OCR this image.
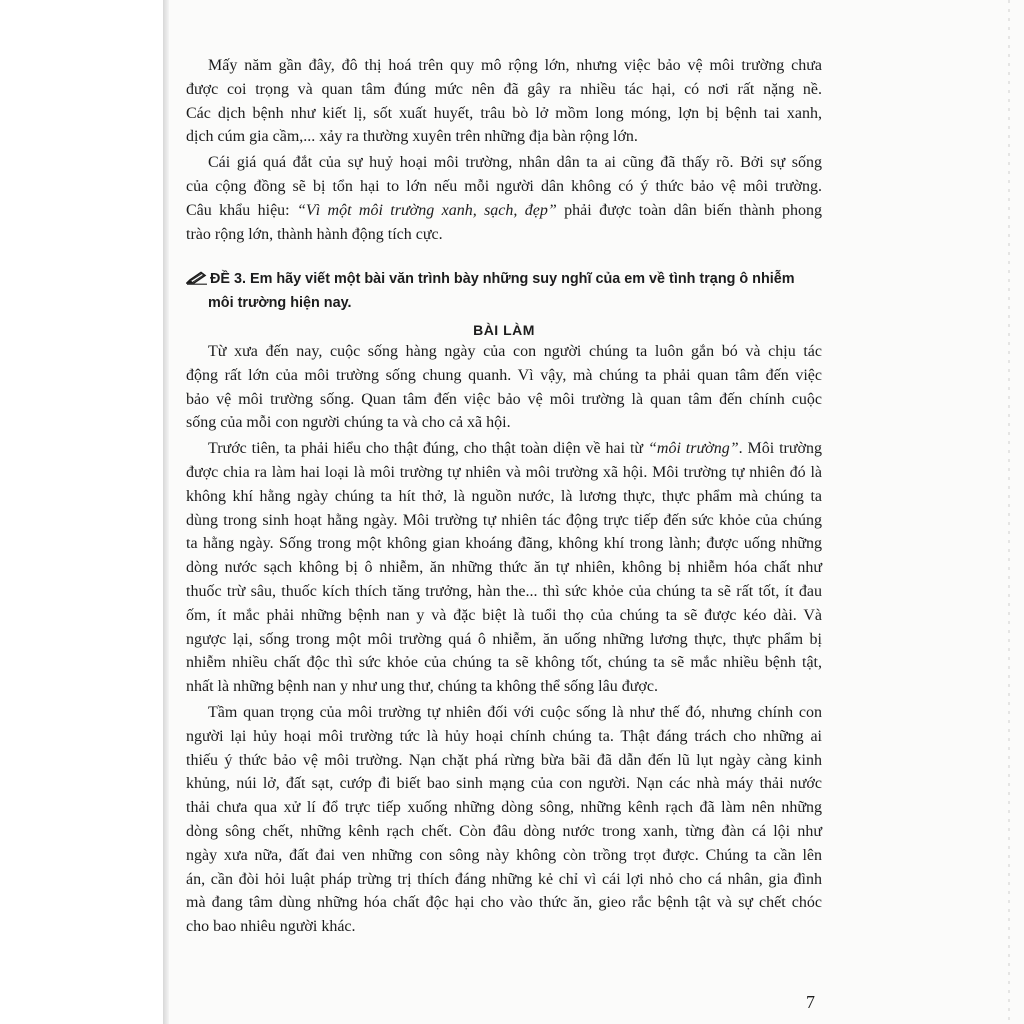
Mấy năm gần đây, đô thị hoá trên quy mô rộng lớn, nhưng việc bảo vệ môi trường chưa
được coi trọng và quan tâm đúng mức nên đã gây ra nhiều tác hại, có nơi rất nặng nề.
Các dịch bệnh như kiết lị, sốt xuất huyết, trâu bò lở mồm long móng, lợn bị bệnh tai xanh,
dịch cúm gia cầm,... xảy ra thường xuyên trên những địa bàn rộng lớn.
Cái giá quá đắt của sự huỷ hoại môi trường, nhân dân ta ai cũng đã thấy rõ. Bởi sự sống
của cộng đồng sẽ bị tổn hại to lớn nếu mỗi người dân không có ý thức bảo vệ môi trường.
Câu khẩu hiệu: “Vì một môi trường xanh, sạch, đẹp” phải được toàn dân biến thành phong
trào rộng lớn, thành hành động tích cực.
ĐỀ 3. Em hãy viết một bài văn trình bày những suy nghĩ của em về tình trạng ô nhiễm
môi trường hiện nay.
BÀI LÀM
Từ xưa đến nay, cuộc sống hàng ngày của con người chúng ta luôn gắn bó và chịu tác
động rất lớn của môi trường sống chung quanh. Vì vậy, mà chúng ta phải quan tâm đến việc
bảo vệ môi trường sống. Quan tâm đến việc bảo vệ môi trường là quan tâm đến chính cuộc
sống của mỗi con người chúng ta và cho cả xã hội.
Trước tiên, ta phải hiểu cho thật đúng, cho thật toàn diện về hai từ “môi trường”. Môi trường
được chia ra làm hai loại là môi trường tự nhiên và môi trường xã hội. Môi trường tự nhiên đó là
không khí hằng ngày chúng ta hít thở, là nguồn nước, là lương thực, thực phẩm mà chúng ta
dùng trong sinh hoạt hằng ngày. Môi trường tự nhiên tác động trực tiếp đến sức khỏe của chúng
ta hằng ngày. Sống trong một không gian khoáng đãng, không khí trong lành; được uống những
dòng nước sạch không bị ô nhiễm, ăn những thức ăn tự nhiên, không bị nhiễm hóa chất như
thuốc trừ sâu, thuốc kích thích tăng trưởng, hàn the... thì sức khỏe của chúng ta sẽ rất tốt, ít đau
ốm, ít mắc phải những bệnh nan y và đặc biệt là tuổi thọ của chúng ta sẽ được kéo dài. Và
ngược lại, sống trong một môi trường quá ô nhiễm, ăn uống những lương thực, thực phẩm bị
nhiễm nhiều chất độc thì sức khỏe của chúng ta sẽ không tốt, chúng ta sẽ mắc nhiều bệnh tật,
nhất là những bệnh nan y như ung thư, chúng ta không thể sống lâu được.
Tầm quan trọng của môi trường tự nhiên đối với cuộc sống là như thế đó, nhưng chính con
người lại hủy hoại môi trường tức là hủy hoại chính chúng ta. Thật đáng trách cho những ai
thiếu ý thức bảo vệ môi trường. Nạn chặt phá rừng bừa bãi đã dẫn đến lũ lụt ngày càng kinh
khủng, núi lở, đất sạt, cướp đi biết bao sinh mạng của con người. Nạn các nhà máy thải nước
thải chưa qua xử lí đổ trực tiếp xuống những dòng sông, những kênh rạch đã làm nên những
dòng sông chết, những kênh rạch chết. Còn đâu dòng nước trong xanh, từng đàn cá lội như
ngày xưa nữa, đất đai ven những con sông này không còn trồng trọt được. Chúng ta cần lên
án, cần đòi hỏi luật pháp trừng trị thích đáng những kẻ chỉ vì cái lợi nhỏ cho cá nhân, gia đình
mà đang tâm dùng những hóa chất độc hại cho vào thức ăn, gieo rắc bệnh tật và sự chết chóc
cho bao nhiêu người khác.
7
